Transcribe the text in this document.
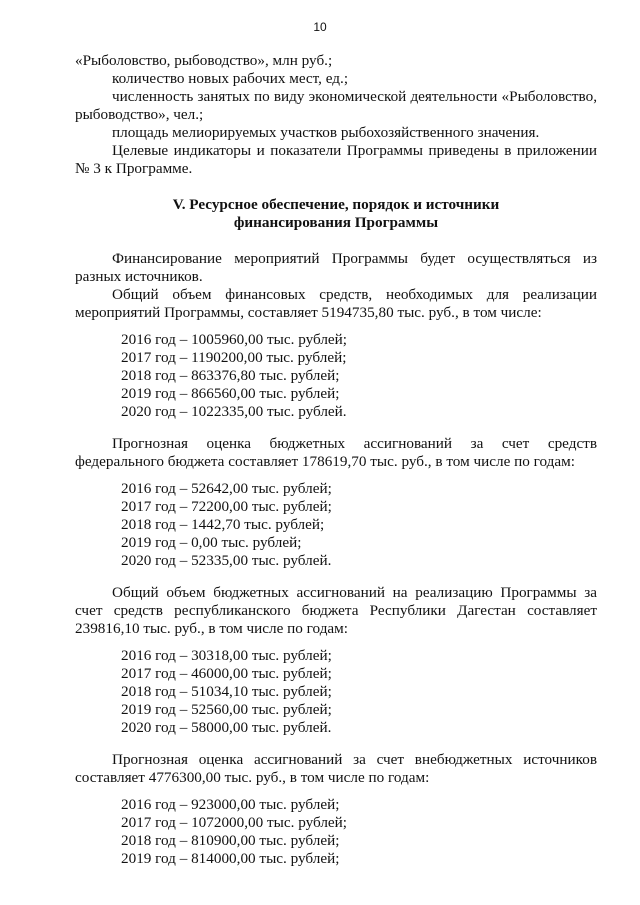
10

«Рыболовство, рыбоводство», млн руб.;

количество новых рабочих мест, ед.;

численность занятых по виду экономической деятельности «Рыболовство, рыбоводство», чел.;

площадь мелиорируемых участков рыбохозяйственного значения.

Целевые индикаторы и показатели Программы приведены в приложении № 3 к Программе.

V. Ресурсное обеспечение, порядок и источники
финансирования Программы

Финансирование мероприятий Программы будет осуществляться из разных источников.

Общий объем финансовых средств, необходимых для реализации мероприятий Программы, составляет 5194735,80 тыс. руб., в том числе:

2016 год – 1005960,00 тыс. рублей;
2017 год – 1190200,00 тыс. рублей;
2018 год – 863376,80 тыс. рублей;
2019 год – 866560,00 тыс. рублей;
2020 год – 1022335,00 тыс. рублей.

Прогнозная оценка бюджетных ассигнований за счет средств федерального бюджета составляет 178619,70 тыс. руб., в том числе по годам:

2016 год – 52642,00 тыс. рублей;
2017 год – 72200,00 тыс. рублей;
2018 год – 1442,70 тыс. рублей;
2019 год – 0,00 тыс. рублей;
2020 год – 52335,00 тыс. рублей.

Общий объем бюджетных ассигнований на реализацию Программы за счет средств республиканского бюджета Республики Дагестан составляет 239816,10 тыс. руб., в том числе по годам:

2016 год – 30318,00 тыс. рублей;
2017 год – 46000,00 тыс. рублей;
2018 год – 51034,10 тыс. рублей;
2019 год – 52560,00 тыс. рублей;
2020 год – 58000,00 тыс. рублей.

Прогнозная оценка ассигнований за счет внебюджетных источников составляет 4776300,00 тыс. руб., в том числе по годам:

2016 год – 923000,00 тыс. рублей;
2017 год – 1072000,00 тыс. рублей;
2018 год – 810900,00 тыс. рублей;
2019 год – 814000,00 тыс. рублей;
